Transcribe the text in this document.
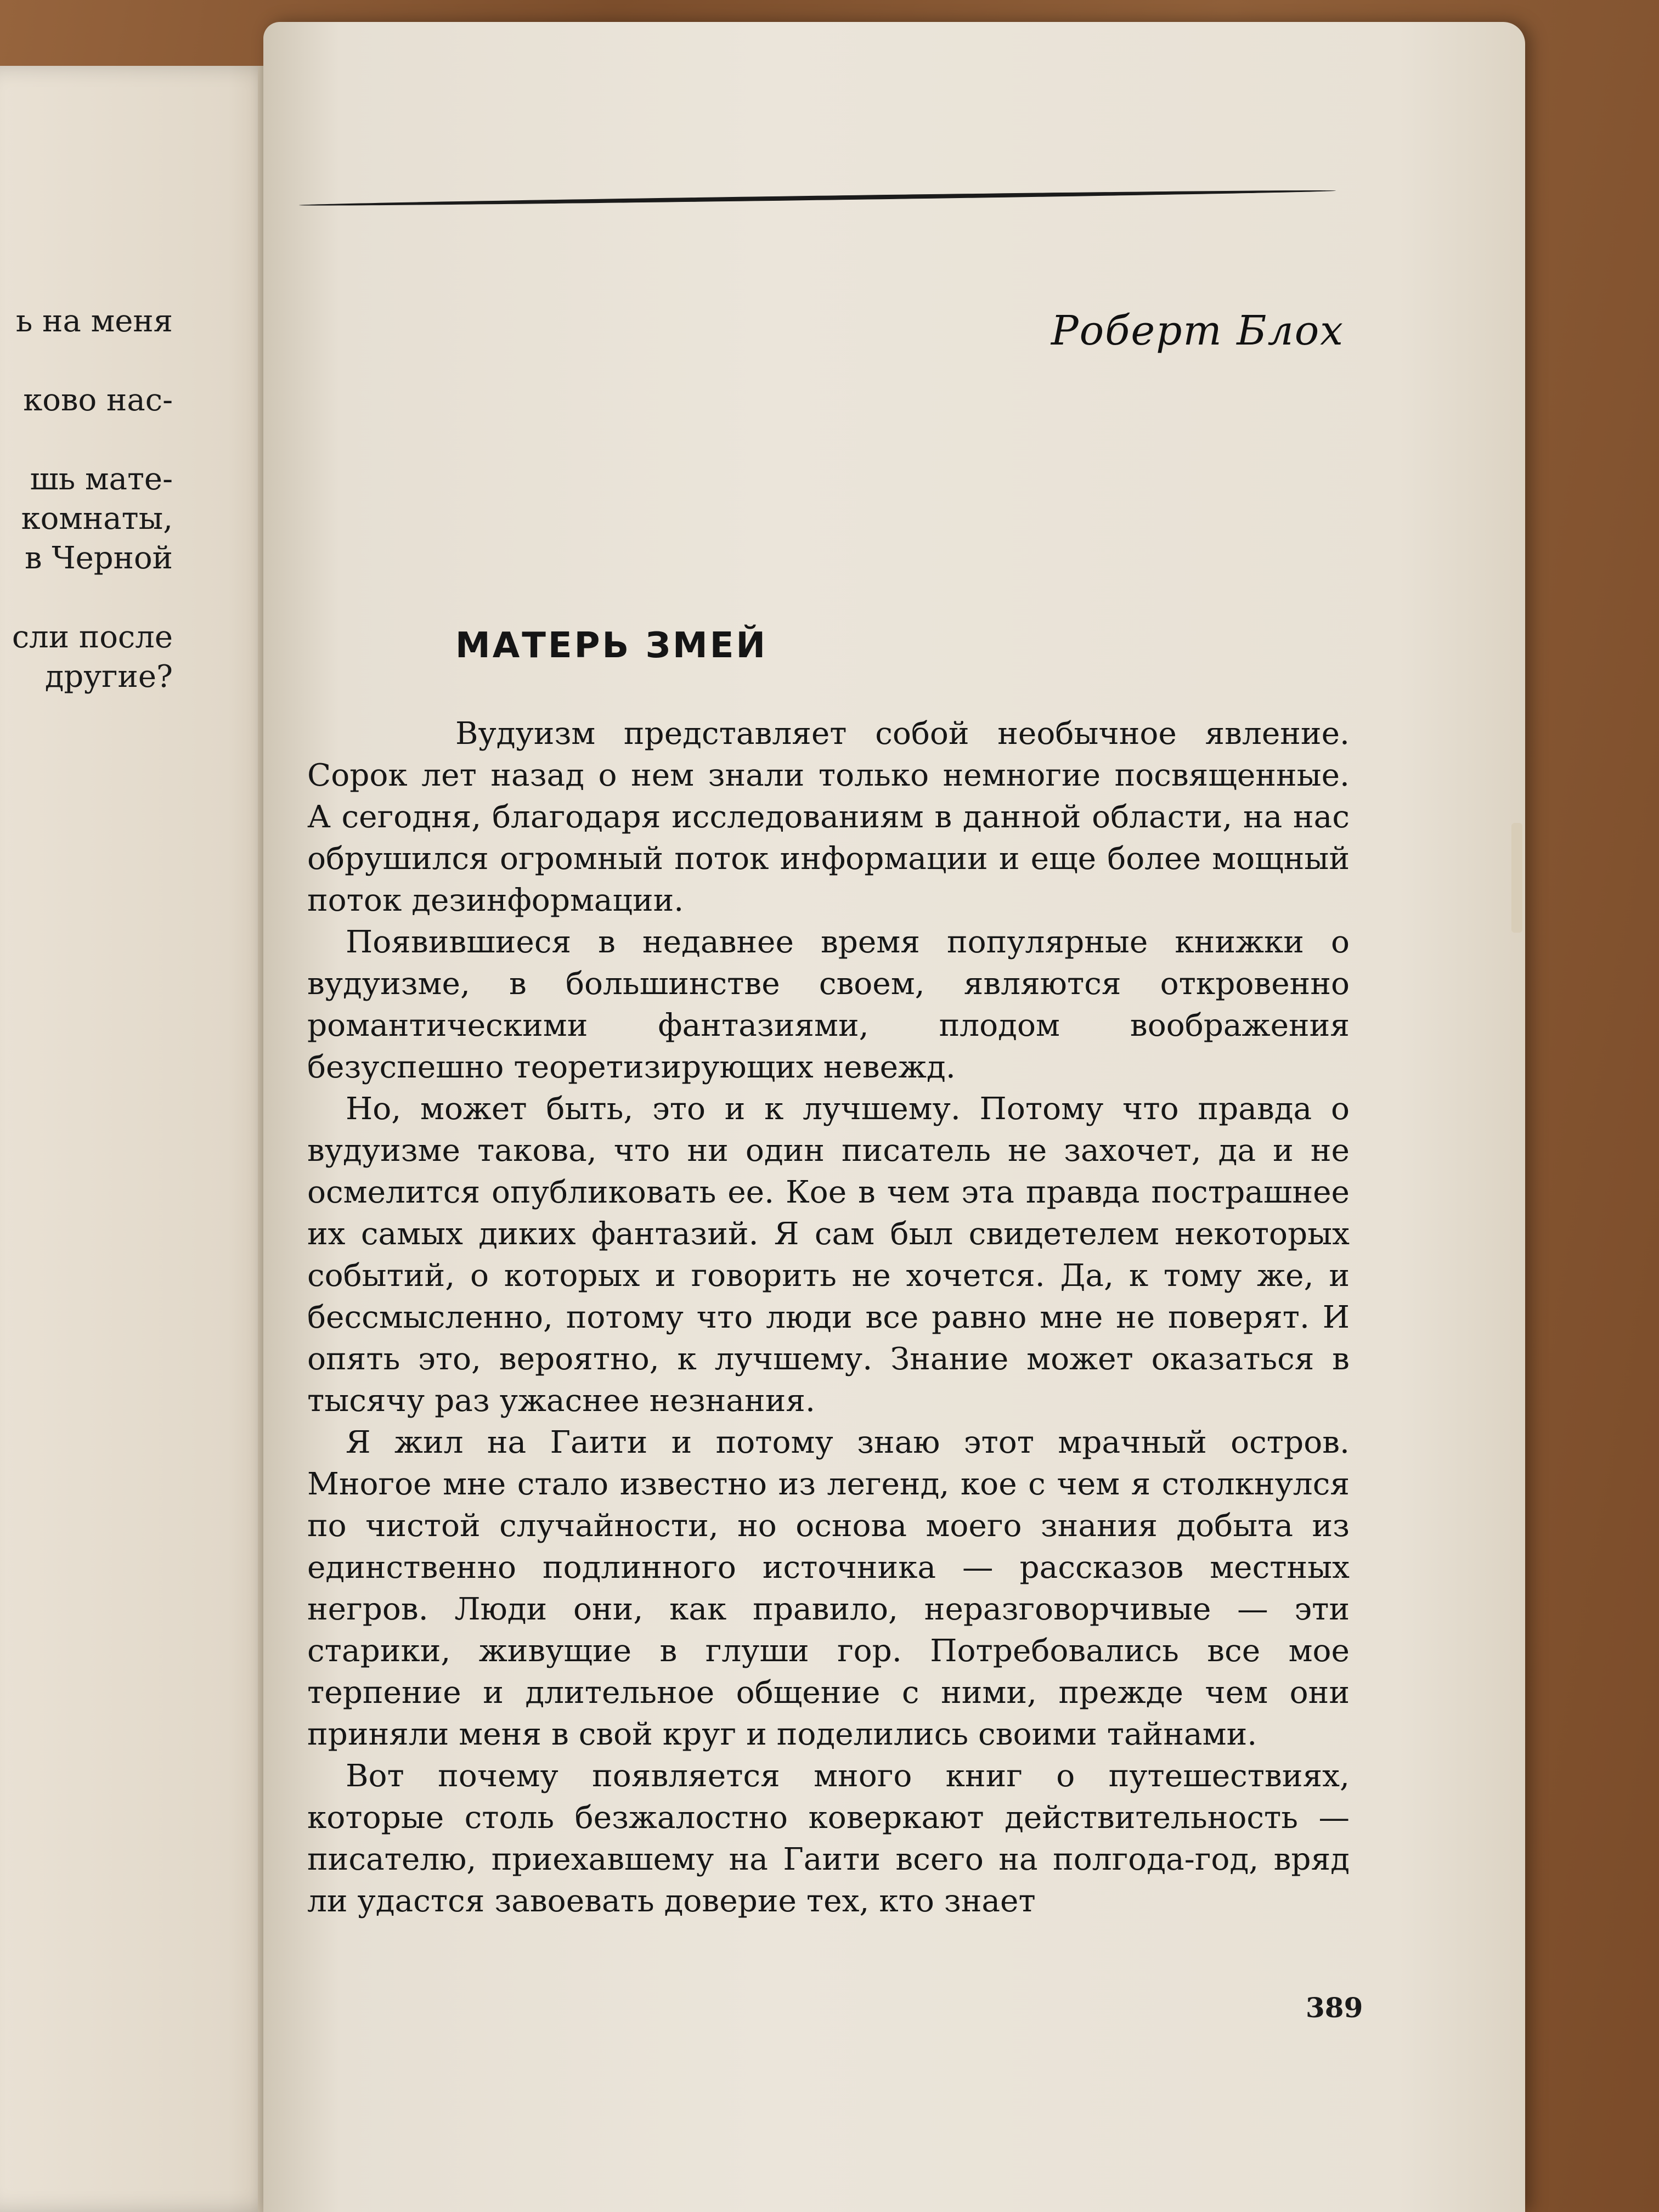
ь на меня
ково нас-
шь мате-
комнаты,
в Черной
сли после
другие?
Роберт Блох
МАТЕРЬ ЗМЕЙ

Вудуизм представляет собой необычное явление. Сорок лет назад о нем знали только немногие посвященные. А сегодня, благодаря исследованиям в данной области, на нас обрушился огромный поток информации и еще более мощный поток дезинформации.

Появившиеся в недавнее время популярные книжки о вудуизме, в большинстве своем, являются откровенно романтическими фантазиями, плодом воображения безуспешно теоретизирующих невежд.

Но, может быть, это и к лучшему. Потому что правда о вудуизме такова, что ни один писатель не захочет, да и не осмелится опубликовать ее. Кое в чем эта правда пострашнее их самых диких фантазий. Я сам был свидетелем некоторых событий, о которых и говорить не хочется. Да, к тому же, и бессмысленно, потому что люди все равно мне не поверят. И опять это, вероятно, к лучшему. Знание может оказаться в тысячу раз ужаснее незнания.

Я жил на Гаити и потому знаю этот мрачный остров. Многое мне стало известно из легенд, кое с чем я столкнулся по чистой случайности, но основа моего знания добыта из единственно подлинного источника — рассказов местных негров. Люди они, как правило, неразговорчивые — эти старики, живущие в глуши гор. Потребовались все мое терпение и длительное общение с ними, прежде чем они приняли меня в свой круг и поделились своими тайнами.

Вот почему появляется много книг о путешествиях, которые столь безжалостно коверкают действительность — писателю, приехавшему на Гаити всего на полгода-год, вряд ли удастся завоевать доверие тех, кто знает

389
